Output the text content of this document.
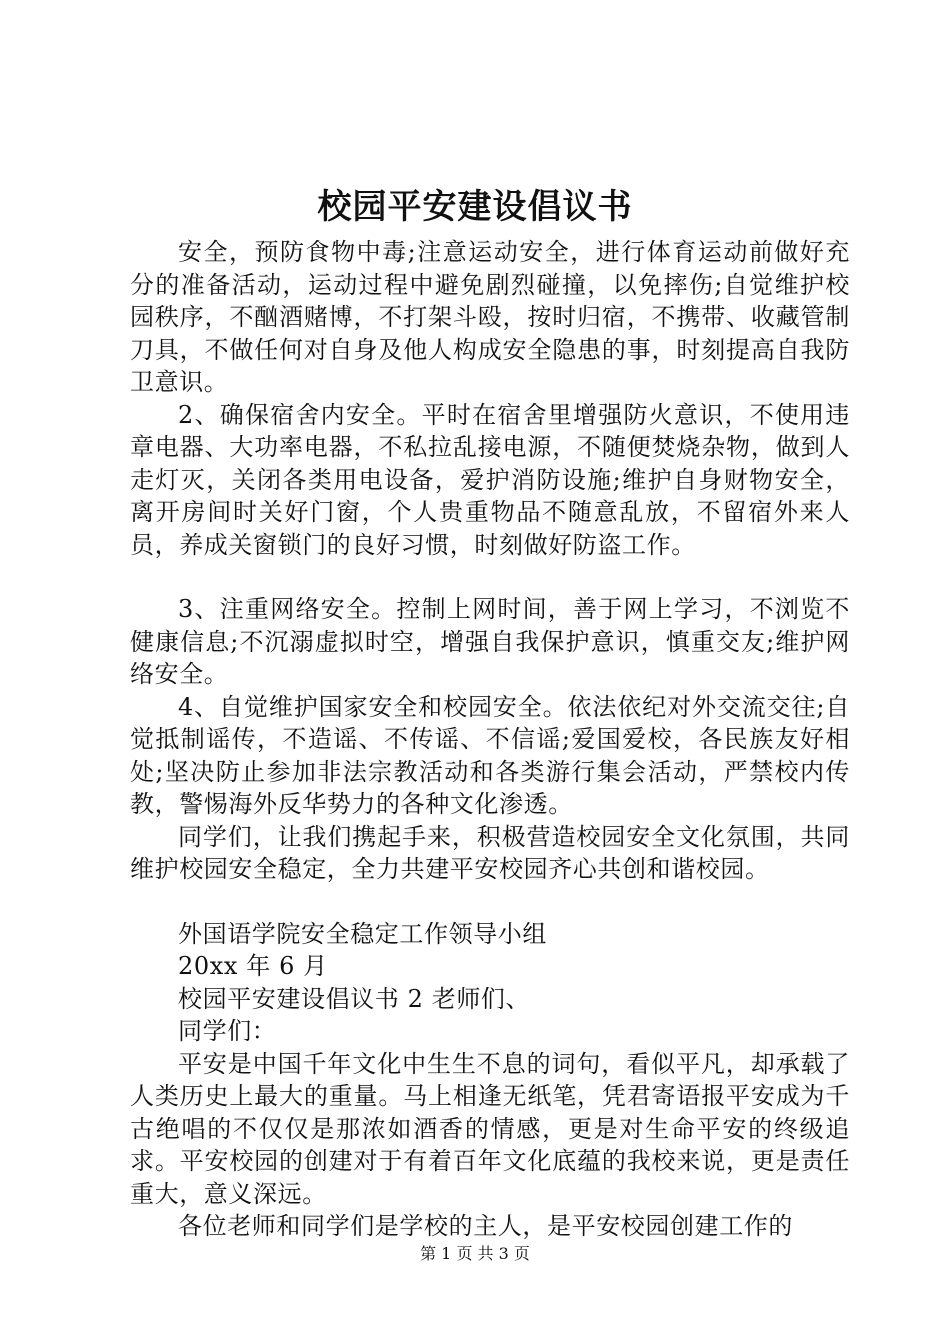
校园平安建设倡议书

安全，预防食物中毒;注意运动安全，进行体育运动前做好充分的准备活动，运动过程中避免剧烈碰撞，以免摔伤;自觉维护校园秩序，不酗酒赌博，不打架斗殴，按时归宿，不携带、收藏管制刀具，不做任何对自身及他人构成安全隐患的事，时刻提高自我防卫意识。

2、确保宿舍内安全。平时在宿舍里增强防火意识，不使用违章电器、大功率电器，不私拉乱接电源，不随便焚烧杂物，做到人走灯灭，关闭各类用电设备，爱护消防设施;维护自身财物安全，离开房间时关好门窗，个人贵重物品不随意乱放，不留宿外来人员，养成关窗锁门的良好习惯，时刻做好防盗工作。

3、注重网络安全。控制上网时间，善于网上学习，不浏览不健康信息;不沉溺虚拟时空，增强自我保护意识，慎重交友;维护网络安全。

4、自觉维护国家安全和校园安全。依法依纪对外交流交往;自觉抵制谣传，不造谣、不传谣、不信谣;爱国爱校，各民族友好相处;坚决防止参加非法宗教活动和各类游行集会活动，严禁校内传教，警惕海外反华势力的各种文化渗透。

同学们，让我们携起手来，积极营造校园安全文化氛围，共同维护校园安全稳定，全力共建平安校园齐心共创和谐校园。

外国语学院安全稳定工作领导小组

20xx 年 6 月

校园平安建设倡议书 2 老师们、

同学们：

平安是中国千年文化中生生不息的词句，看似平凡，却承载了人类历史上最大的重量。马上相逢无纸笔，凭君寄语报平安成为千古绝唱的不仅仅是那浓如酒香的情感，更是对生命平安的终级追求。平安校园的创建对于有着百年文化底蕴的我校来说，更是责任重大，意义深远。

各位老师和同学们是学校的主人，是平安校园创建工作的

第 1 页 共 3 页
